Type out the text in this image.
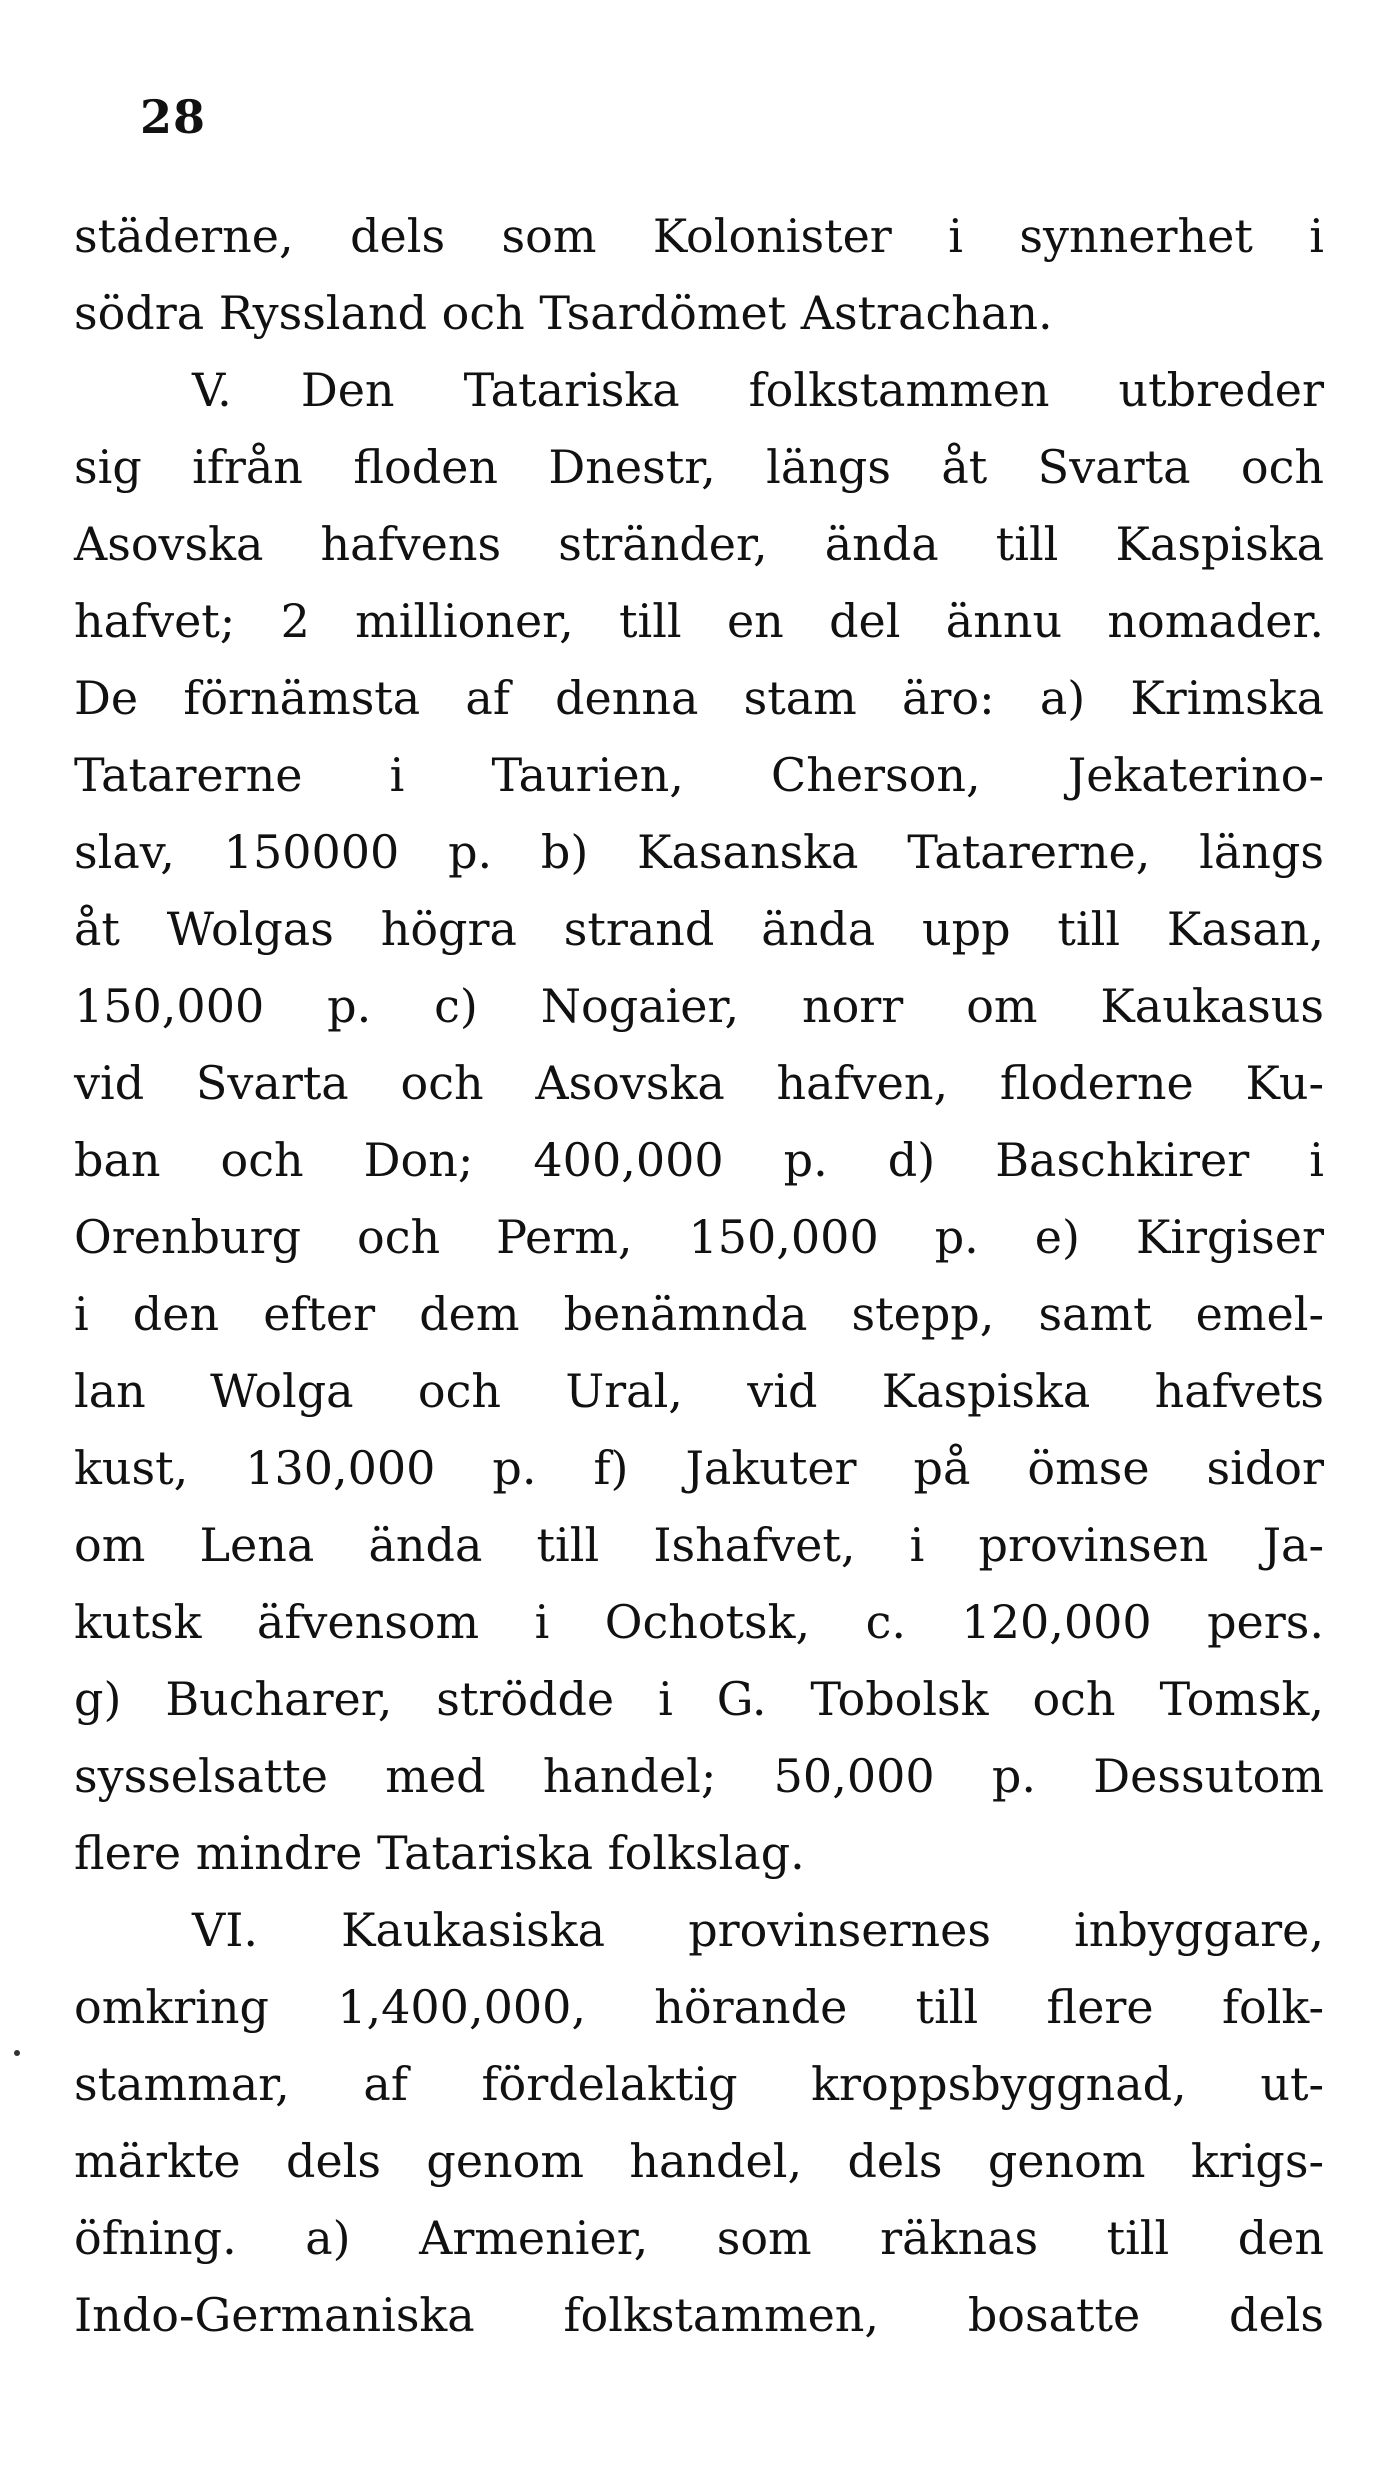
28
städerne, dels som Kolonister i synnerhet i
södra Ryssland och Tsardömet Astrachan.
V. Den Tatariska folkstammen utbreder
sig ifrån floden Dnestr, längs åt Svarta och
Asovska hafvens stränder, ända till Kaspiska
hafvet; 2 millioner, till en del ännu nomader.
De förnämsta af denna stam äro: a) Krimska
Tatarerne i Taurien, Cherson, Jekaterino-
slav, 150000 p. b) Kasanska Tatarerne, längs
åt Wolgas högra strand ända upp till Kasan,
150,000 p. c) Nogaier, norr om Kaukasus
vid Svarta och Asovska hafven, floderne Ku-
ban och Don; 400,000 p. d) Baschkirer i
Orenburg och Perm, 150,000 p. e) Kirgiser
i den efter dem benämnda stepp, samt emel-
lan Wolga och Ural, vid Kaspiska hafvets
kust, 130,000 p. f) Jakuter på ömse sidor
om Lena ända till Ishafvet, i provinsen Ja-
kutsk äfvensom i Ochotsk, c. 120,000 pers.
g) Bucharer, strödde i G. Tobolsk och Tomsk,
sysselsatte med handel; 50,000 p. Dessutom
flere mindre Tatariska folkslag.
VI. Kaukasiska provinsernes inbyggare,
omkring 1,400,000, hörande till flere folk-
stammar, af fördelaktig kroppsbyggnad, ut-
märkte dels genom handel, dels genom krigs-
öfning. a) Armenier, som räknas till den
Indo-Germaniska folkstammen, bosatte dels
